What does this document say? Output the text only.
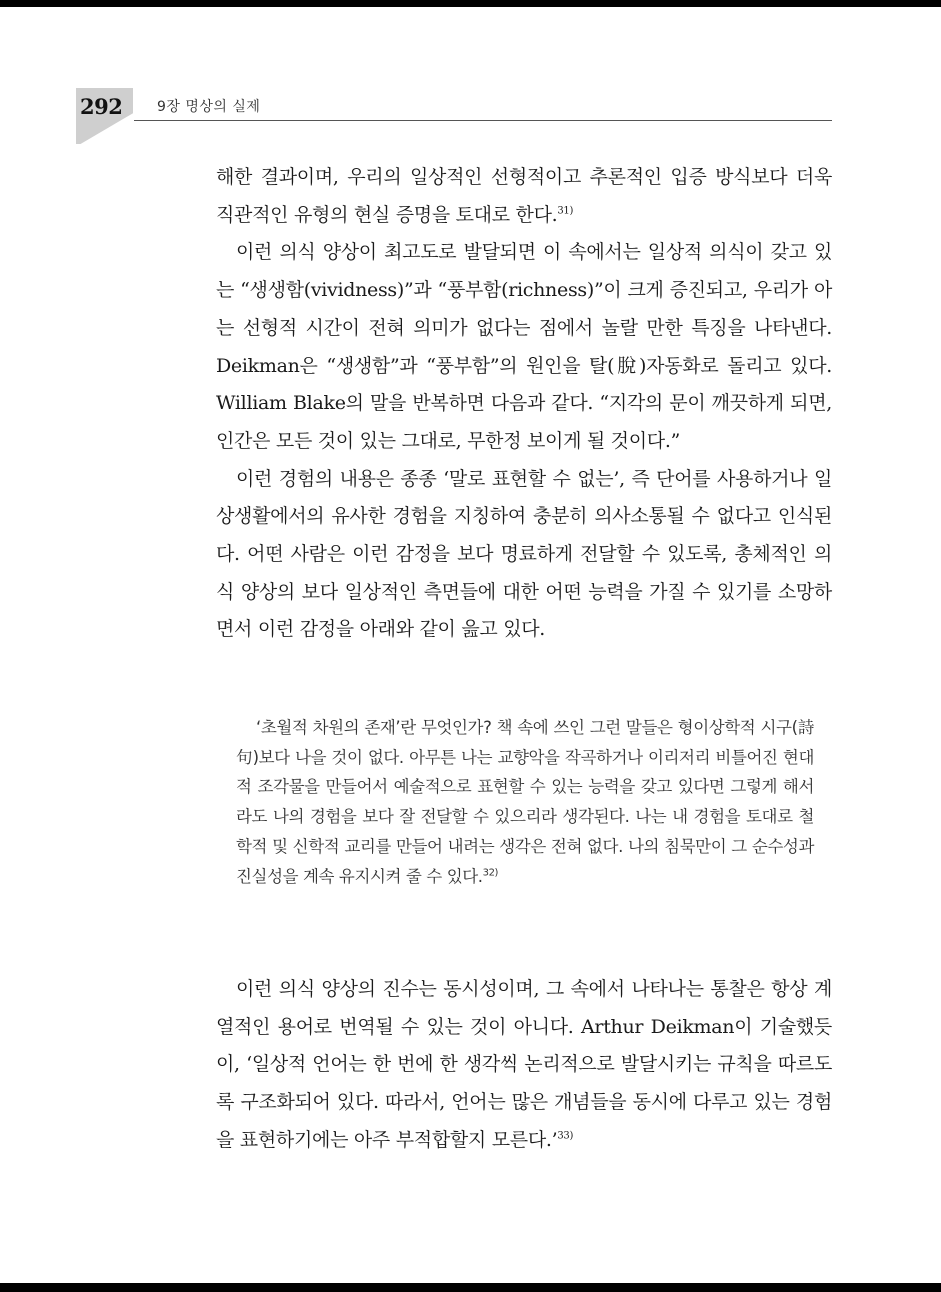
292 9장 명상의 실제

해한 결과이며, 우리의 일상적인 선형적이고 추론적인 입증 방식보다 더욱 직관적인 유형의 현실 증명을 토대로 한다.$^{31)}$

이런 의식 양상이 최고도로 발달되면 이 속에서는 일상적 의식이 갖고 있는 “생생함(vividness)”과 “풍부함(richness)”이 크게 증진되고, 우리가 아는 선형적 시간이 전혀 의미가 없다는 점에서 놀랄 만한 특징을 나타낸다. Deikman은 “생생함”과 “풍부함”의 원인을 탈(脫)자동화로 돌리고 있다. William Blake의 말을 반복하면 다음과 같다. “지각의 문이 깨끗하게 되면, 인간은 모든 것이 있는 그대로, 무한정 보이게 될 것이다.”

이런 경험의 내용은 종종 ‘말로 표현할 수 없는’, 즉 단어를 사용하거나 일상생활에서의 유사한 경험을 지칭하여 충분히 의사소통될 수 없다고 인식된다. 어떤 사람은 이런 감정을 보다 명료하게 전달할 수 있도록, 총체적인 의식 양상의 보다 일상적인 측면들에 대한 어떤 능력을 가질 수 있기를 소망하면서 이런 감정을 아래와 같이 읊고 있다.

‘초월적 차원의 존재’란 무엇인가? 책 속에 쓰인 그런 말들은 형이상학적 시구(詩句)보다 나을 것이 없다. 아무튼 나는 교향악을 작곡하거나 이리저리 비틀어진 현대적 조각물을 만들어서 예술적으로 표현할 수 있는 능력을 갖고 있다면 그렇게 해서라도 나의 경험을 보다 잘 전달할 수 있으리라 생각된다. 나는 내 경험을 토대로 철학적 및 신학적 교리를 만들어 내려는 생각은 전혀 없다. 나의 침묵만이 그 순수성과 진실성을 계속 유지시켜 줄 수 있다.$^{32)}$

이런 의식 양상의 진수는 동시성이며, 그 속에서 나타나는 통찰은 항상 계열적인 용어로 번역될 수 있는 것이 아니다. Arthur Deikman이 기술했듯이, ‘일상적 언어는 한 번에 한 생각씩 논리적으로 발달시키는 규칙을 따르도록 구조화되어 있다. 따라서, 언어는 많은 개념들을 동시에 다루고 있는 경험을 표현하기에는 아주 부적합할지 모른다.’$^{33)}$
